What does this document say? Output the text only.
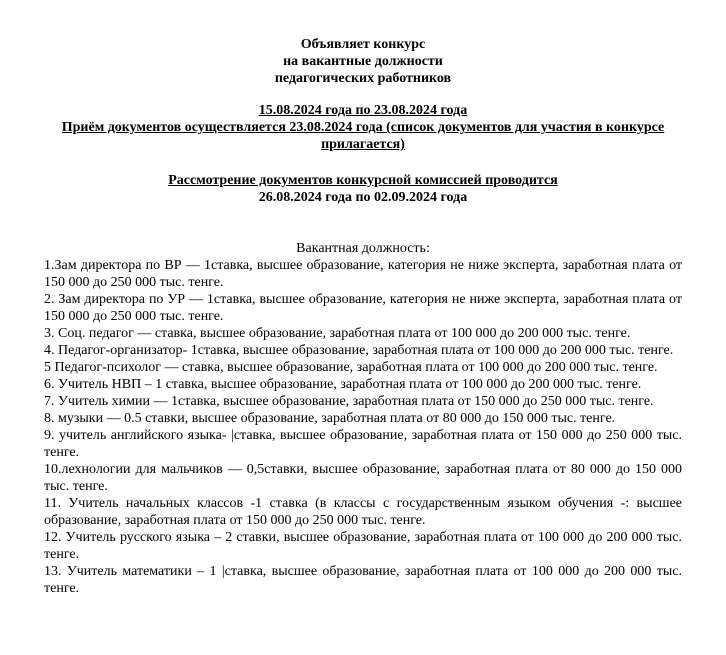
Объявляет конкурс

на вакантные должности

педагогических работников

15.08.2024 года по 23.08.2024 года

Приём документов осуществляется 23.08.2024 года (список документов для участия в конкурсе прилагается)

Рассмотрение документов конкурсной комиссией проводится

26.08.2024 года по 02.09.2024 года

Вакантная должность:

1.Зам директора по ВР — 1ставка, высшее образование, категория не ниже эксперта, заработная плата от 150 000 до 250 000 тыс. тенге.

2. Зам директора по УР — 1ставка, высшее образование, категория не ниже эксперта, заработная плата от 150 000 до 250 000 тыс. тенге.

3. Соц. педагог — ставка, высшее образование, заработная плата от 100 000 до 200 000 тыс. тенге.

4. Педагог-организатор- 1ставка, высшее образование, заработная плата от 100 000 до 200 000 тыс. тенге.

5 Педагог-психолог — ставка, высшее образование, заработная плата от 100 000 до 200 000 тыс. тенге.

6. Учитель НВП – 1 ставка, высшее образование, заработная плата от 100 000 до 200 000 тыс. тенге.

7. Учитель химии — 1ставка, высшее образование, заработная плата от 150 000 до 250 000 тыс. тенге.

8. музыки — 0.5 ставки, высшее образование, заработная плата от 80 000 до 150 000 тыс. тенге.

9. учитель английского языка- |ставка, высшее образование, заработная плата от 150 000 до 250 000 тыс. тенге.

10.лехнологии для мальчиков — 0,5ставки, высшее образование, заработная плата от 80 000 до 150 000 тыс. тенге.

11. Учитель начальных классов -1 ставка (в классы с государственным языком обучения -: высшее образование, заработная плата от 150 000 до 250 000 тыс. тенге.

12. Учитель русского языка – 2 ставки, высшее образование, заработная плата от 100 000 до 200 000 тыс. тенге.

13. Учитель математики – 1 |ставка, высшее образование, заработная плата от 100 000 до 200 000 тыс. тенге.
